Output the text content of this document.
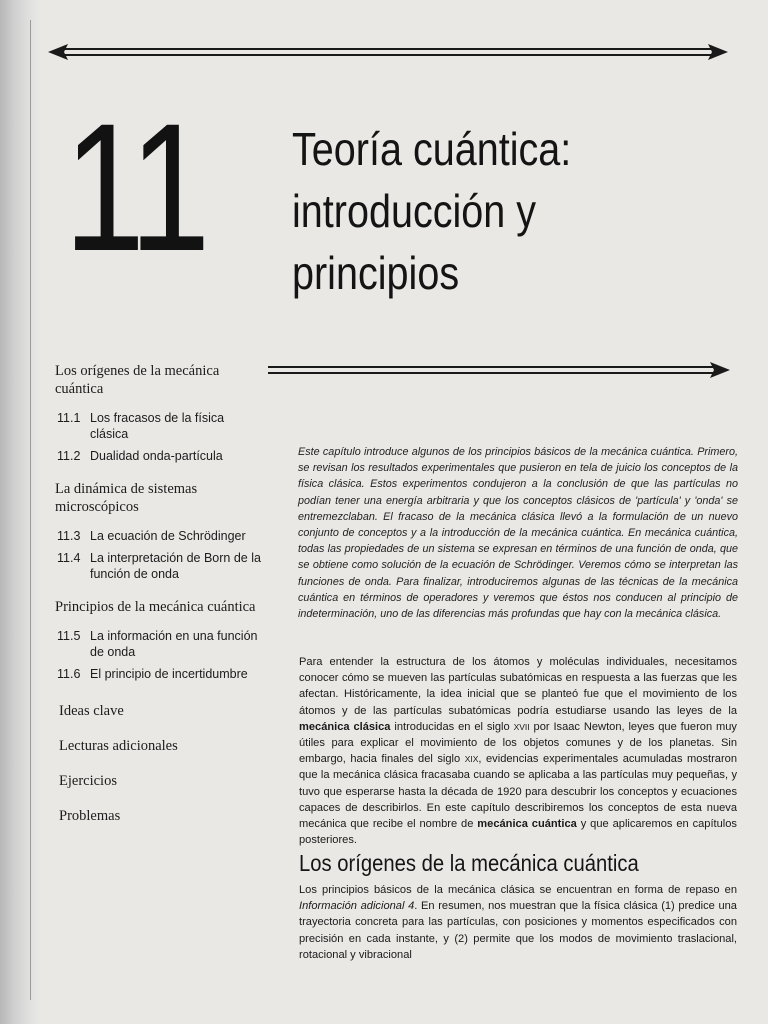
11 Teoría cuántica:
introducción y
principios
Los orígenes de la mecánica cuántica
11.1 Los fracasos de la física clásica
11.2 Dualidad onda-partícula
La dinámica de sistemas microscópicos
11.3 La ecuación de Schrödinger
11.4 La interpretación de Born de la función de onda
Principios de la mecánica cuántica
11.5 La información en una función de onda
11.6 El principio de incertidumbre
Ideas clave
Lecturas adicionales
Ejercicios
Problemas
Este capítulo introduce algunos de los principios básicos de la mecánica cuántica. Primero, se revisan los resultados experimentales que pusieron en tela de juicio los conceptos de la física clásica. Estos experimentos condujeron a la conclusión de que las partículas no podían tener una energía arbitraria y que los conceptos clásicos de 'partícula' y 'onda' se entremezclaban. El fracaso de la mecánica clásica llevó a la formulación de un nuevo conjunto de conceptos y a la introducción de la mecánica cuántica. En mecánica cuántica, todas las propiedades de un sistema se expresan en términos de una función de onda, que se obtiene como solución de la ecuación de Schrödinger. Veremos cómo se interpretan las funciones de onda. Para finalizar, introduciremos algunas de las técnicas de la mecánica cuántica en términos de operadores y veremos que éstos nos conducen al principio de indeterminación, uno de las diferencias más profundas que hay con la mecánica clásica.
Para entender la estructura de los átomos y moléculas individuales, necesitamos conocer cómo se mueven las partículas subatómicas en respuesta a las fuerzas que les afectan. Históricamente, la idea inicial que se planteó fue que el movimiento de los átomos y de las partículas subatómicas podría estudiarse usando las leyes de la mecánica clásica introducidas en el siglo XVII por Isaac Newton, leyes que fueron muy útiles para explicar el movimiento de los objetos comunes y de los planetas. Sin embargo, hacia finales del siglo XIX, evidencias experimentales acumuladas mostraron que la mecánica clásica fracasaba cuando se aplicaba a las partículas muy pequeñas, y tuvo que esperarse hasta la década de 1920 para descubrir los conceptos y ecuaciones capaces de describirlos. En este capítulo describiremos los conceptos de esta nueva mecánica que recibe el nombre de mecánica cuántica y que aplicaremos en capítulos posteriores.
Los orígenes de la mecánica cuántica
Los principios básicos de la mecánica clásica se encuentran en forma de repaso en Información adicional 4. En resumen, nos muestran que la física clásica (1) predice una trayectoria concreta para las partículas, con posiciones y momentos especificados con precisión en cada instante, y (2) permite que los modos de movimiento traslacional, rotacional y vibracional
